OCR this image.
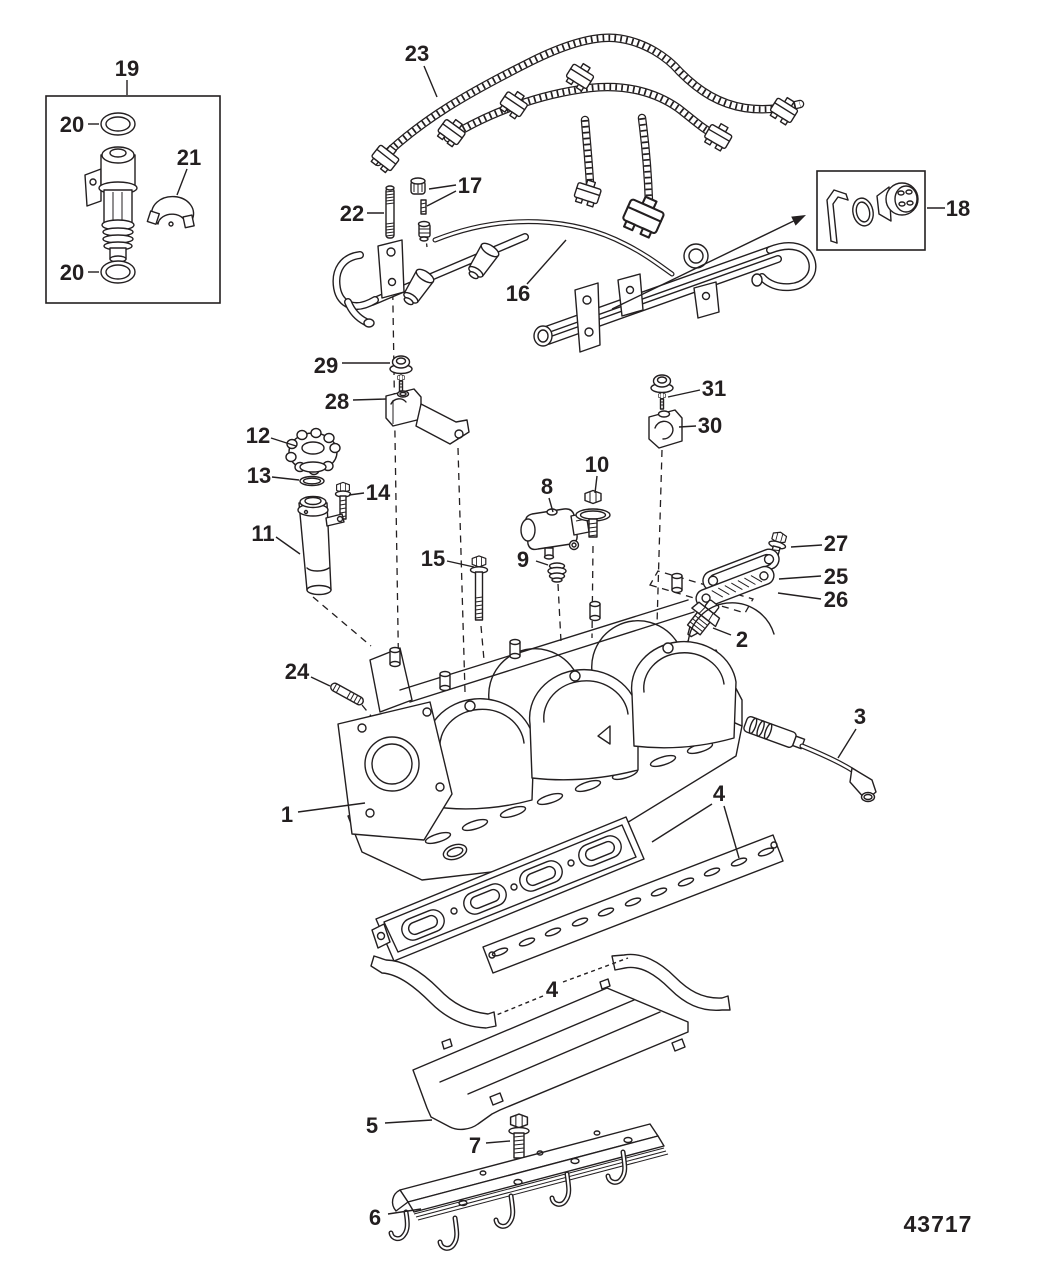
19
20
21
20
23
22
17
16
18
29
28
31
30
12
13
14
11
15
8
9
10
27
25
26
2
3
24
1
4
4
5
7
6	43717
